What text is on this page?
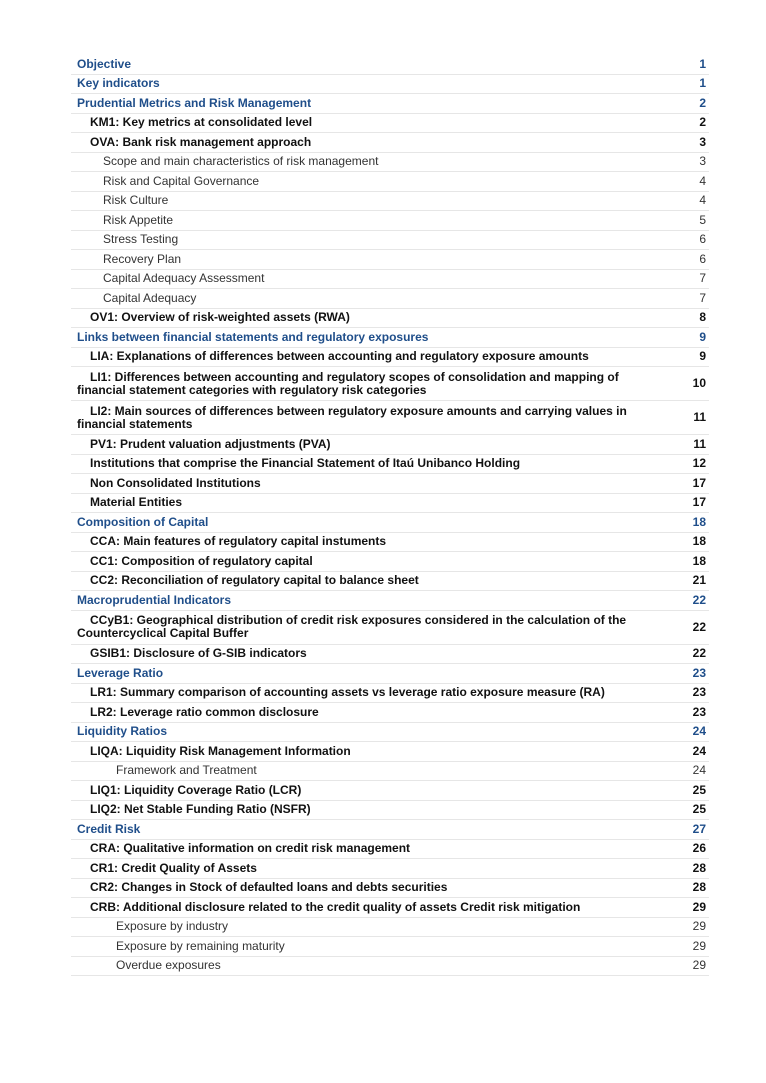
Objective	1
Key indicators	1
Prudential Metrics and Risk Management	2
KM1: Key metrics at consolidated level	2
OVA: Bank risk management approach	3
Scope and main characteristics of risk management	3
Risk and Capital Governance	4
Risk Culture	4
Risk Appetite	5
Stress Testing	6
Recovery Plan	6
Capital Adequacy Assessment	7
Capital Adequacy	7
OV1: Overview of risk-weighted assets (RWA)	8
Links between financial statements and regulatory exposures	9
LIA: Explanations of differences between accounting and regulatory exposure amounts	9
LI1: Differences between accounting and regulatory scopes of consolidation and mapping of financial statement categories with regulatory risk categories	10
LI2: Main sources of differences between regulatory exposure amounts and carrying values in financial statements	11
PV1: Prudent valuation adjustments (PVA)	11
Institutions that comprise the Financial Statement of Itaú Unibanco Holding	12
Non Consolidated Institutions	17
Material Entities	17
Composition of Capital	18
CCA: Main features of regulatory capital instuments	18
CC1: Composition of regulatory capital	18
CC2: Reconciliation of regulatory capital to balance sheet	21
Macroprudential Indicators	22
CCyB1: Geographical distribution of credit risk exposures considered in the calculation of the Countercyclical Capital Buffer	22
GSIB1: Disclosure of G-SIB indicators	22
Leverage Ratio	23
LR1: Summary comparison of accounting assets vs leverage ratio exposure measure (RA)	23
LR2: Leverage ratio common disclosure	23
Liquidity Ratios	24
LIQA: Liquidity Risk Management Information	24
Framework and Treatment	24
LIQ1: Liquidity Coverage Ratio (LCR)	25
LIQ2: Net Stable Funding Ratio (NSFR)	25
Credit Risk	27
CRA: Qualitative information on credit risk management	26
CR1: Credit Quality of Assets	28
CR2: Changes in Stock of defaulted loans and debts securities	28
CRB: Additional disclosure related to the credit quality of assets Credit risk mitigation	29
Exposure by industry	29
Exposure by remaining maturity	29
Overdue exposures	29
